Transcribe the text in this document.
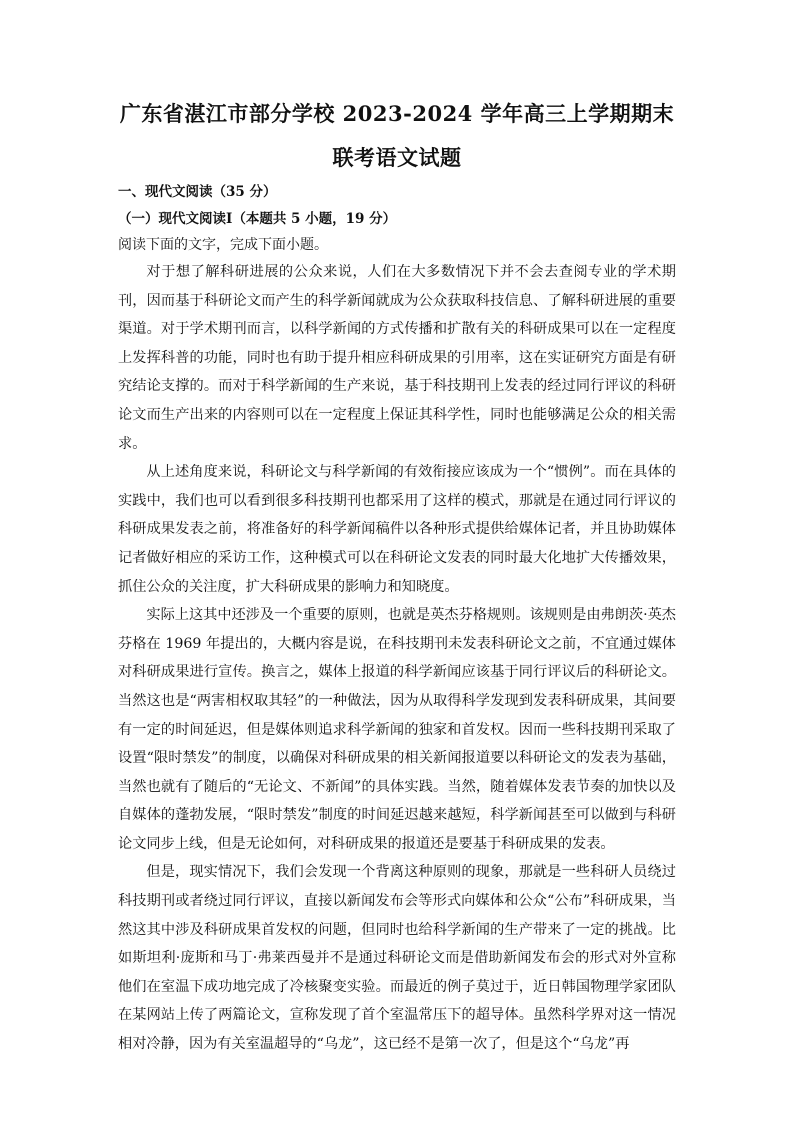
广东省湛江市部分学校 2023-2024 学年高三上学期期末
联考语文试题
一、现代文阅读（35 分）
（一）现代文阅读Ⅰ（本题共 5 小题，19 分）
阅读下面的文字，完成下面小题。

对于想了解科研进展的公众来说，人们在大多数情况下并不会去查阅专业的学术期刊，因而基于科研论文而产生的科学新闻就成为公众获取科技信息、了解科研进展的重要渠道。对于学术期刊而言，以科学新闻的方式传播和扩散有关的科研成果可以在一定程度上发挥科普的功能，同时也有助于提升相应科研成果的引用率，这在实证研究方面是有研究结论支撑的。而对于科学新闻的生产来说，基于科技期刊上发表的经过同行评议的科研论文而生产出来的内容则可以在一定程度上保证其科学性，同时也能够满足公众的相关需求。

从上述角度来说，科研论文与科学新闻的有效衔接应该成为一个“惯例”。而在具体的实践中，我们也可以看到很多科技期刊也都采用了这样的模式，那就是在通过同行评议的科研成果发表之前，将准备好的科学新闻稿件以各种形式提供给媒体记者，并且协助媒体记者做好相应的采访工作，这种模式可以在科研论文发表的同时最大化地扩大传播效果，抓住公众的关注度，扩大科研成果的影响力和知晓度。

实际上这其中还涉及一个重要的原则，也就是英杰芬格规则。该规则是由弗朗茨·英杰芬格在 1969 年提出的，大概内容是说，在科技期刊未发表科研论文之前，不宜通过媒体对科研成果进行宣传。换言之，媒体上报道的科学新闻应该基于同行评议后的科研论文。当然这也是“两害相权取其轻”的一种做法，因为从取得科学发现到发表科研成果，其间要有一定的时间延迟，但是媒体则追求科学新闻的独家和首发权。因而一些科技期刊采取了设置“限时禁发”的制度，以确保对科研成果的相关新闻报道要以科研论文的发表为基础，当然也就有了随后的“无论文、不新闻”的具体实践。当然，随着媒体发表节奏的加快以及自媒体的蓬勃发展，“限时禁发”制度的时间延迟越来越短，科学新闻甚至可以做到与科研论文同步上线，但是无论如何，对科研成果的报道还是要基于科研成果的发表。

但是，现实情况下，我们会发现一个背离这种原则的现象，那就是一些科研人员绕过科技期刊或者绕过同行评议，直接以新闻发布会等形式向媒体和公众“公布”科研成果，当然这其中涉及科研成果首发权的问题，但同时也给科学新闻的生产带来了一定的挑战。比如斯坦利·庞斯和马丁·弗莱西曼并不是通过科研论文而是借助新闻发布会的形式对外宣称他们在室温下成功地完成了冷核聚变实验。而最近的例子莫过于，近日韩国物理学家团队在某网站上传了两篇论文，宣称发现了首个室温常压下的超导体。虽然科学界对这一情况相对冷静，因为有关室温超导的“乌龙”，这已经不是第一次了，但是这个“乌龙”再
